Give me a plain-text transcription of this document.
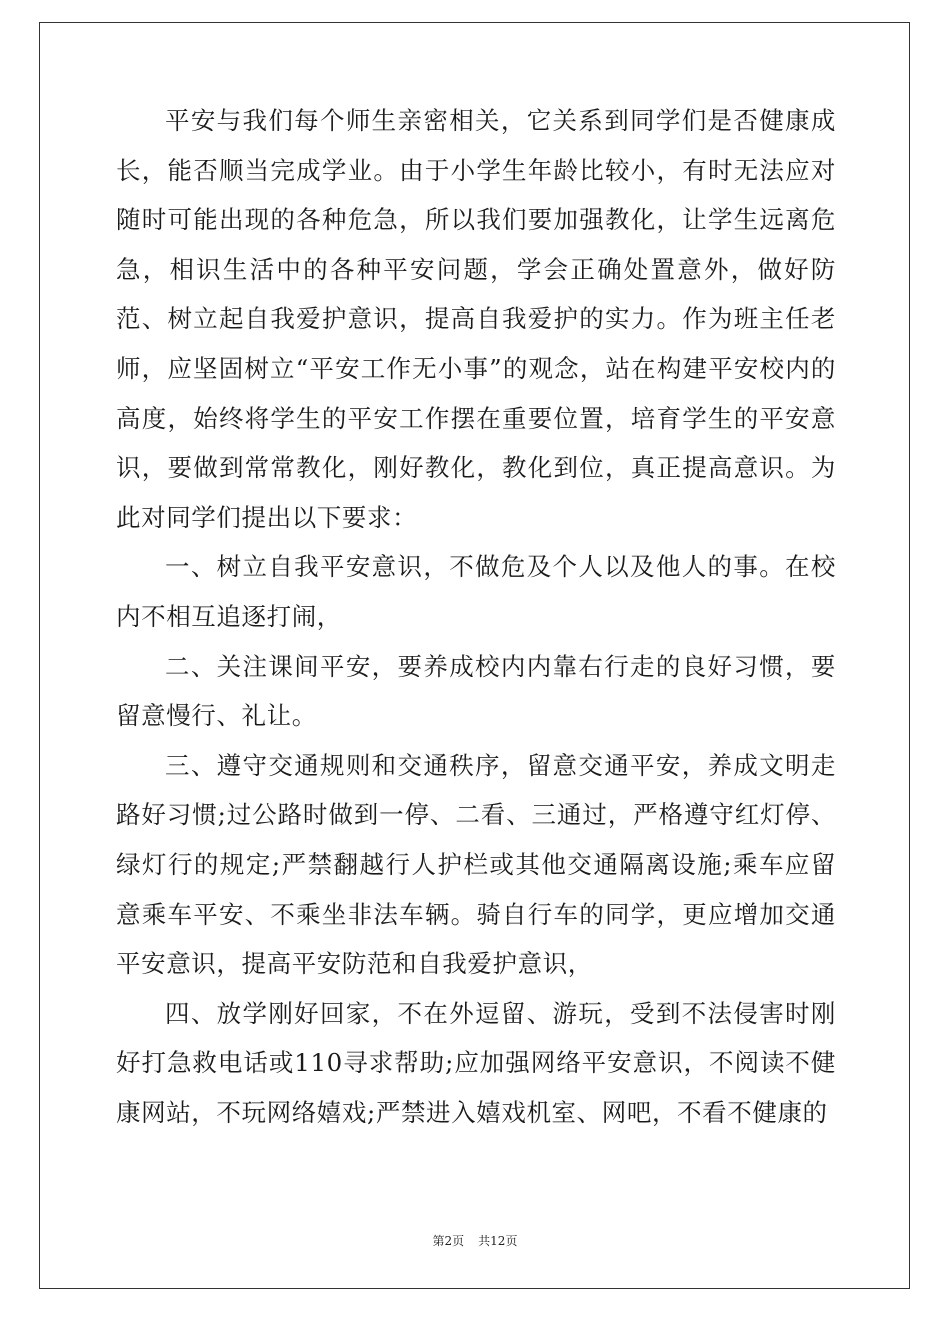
平安与我们每个师生亲密相关，它关系到同学们是否健康成长，能否顺当完成学业。由于小学生年龄比较小，有时无法应对随时可能出现的各种危急，所以我们要加强教化，让学生远离危急，相识生活中的各种平安问题，学会正确处置意外，做好防范、树立起自我爱护意识，提高自我爱护的实力。作为班主任老师，应坚固树立“平安工作无小事”的观念，站在构建平安校内的高度，始终将学生的平安工作摆在重要位置，培育学生的平安意识，要做到常常教化，刚好教化，教化到位，真正提高意识。为此对同学们提出以下要求：

一、树立自我平安意识，不做危及个人以及他人的事。在校内不相互追逐打闹，

二、关注课间平安，要养成校内内靠右行走的良好习惯，要留意慢行、礼让。

三、遵守交通规则和交通秩序，留意交通平安，养成文明走路好习惯;过公路时做到一停、二看、三通过，严格遵守红灯停、绿灯行的规定;严禁翻越行人护栏或其他交通隔离设施;乘车应留意乘车平安、不乘坐非法车辆。骑自行车的同学，更应增加交通平安意识，提高平安防范和自我爱护意识，

四、放学刚好回家，不在外逗留、游玩，受到不法侵害时刚好打急救电话或110寻求帮助;应加强网络平安意识，不阅读不健康网站，不玩网络嬉戏;严禁进入嬉戏机室、网吧，不看不健康的

第2页 共12页
